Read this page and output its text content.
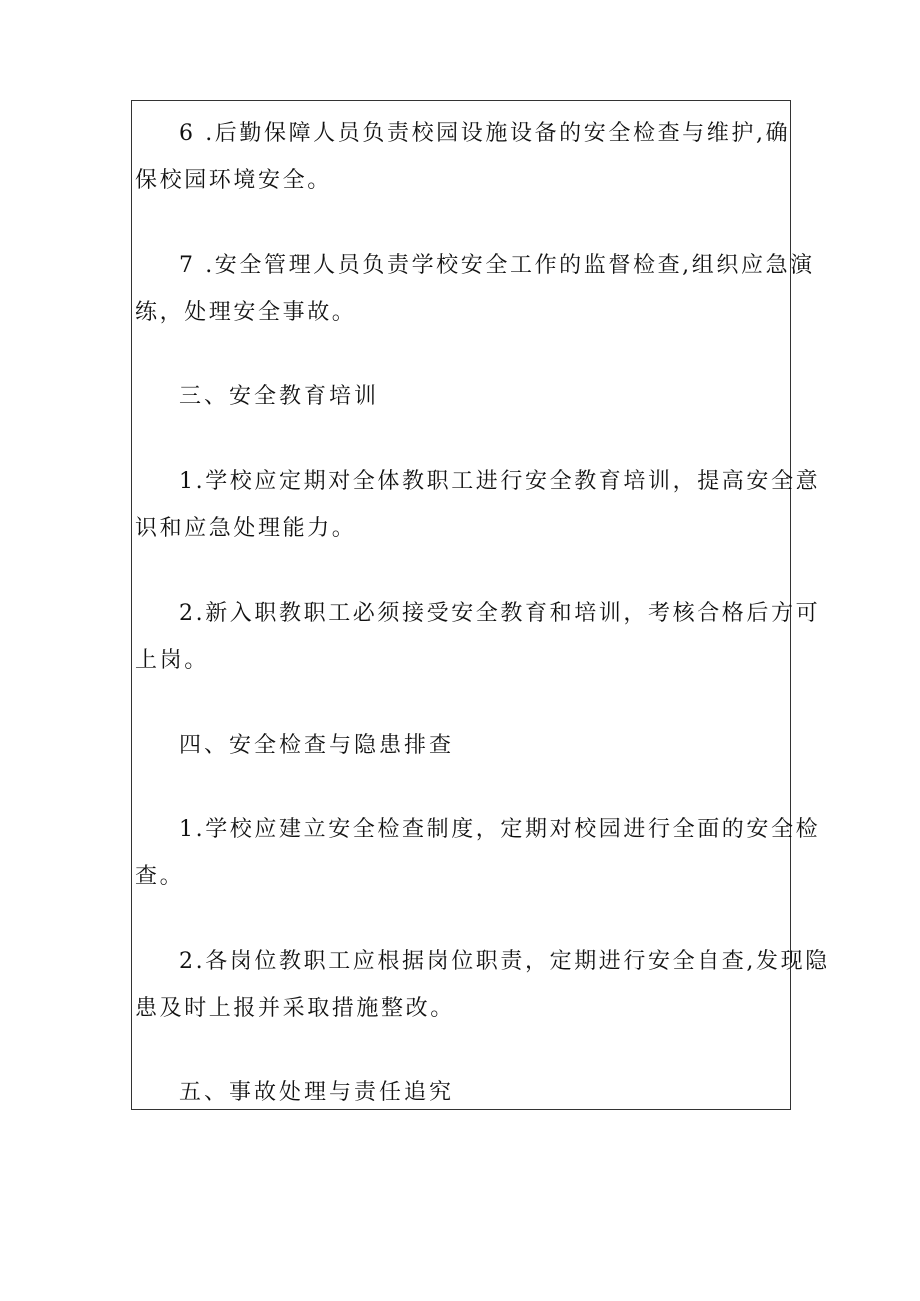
6 .后勤保障人员负责校园设施设备的安全检查与维护,确

保校园环境安全。

7 .安全管理人员负责学校安全工作的监督检查,组织应急演

练，处理安全事故。

三、安全教育培训

1.学校应定期对全体教职工进行安全教育培训，提高安全意

识和应急处理能力。

2.新入职教职工必须接受安全教育和培训，考核合格后方可

上岗。

四、安全检查与隐患排查

1.学校应建立安全检查制度，定期对校园进行全面的安全检

查。

2.各岗位教职工应根据岗位职责，定期进行安全自查,发现隐

患及时上报并采取措施整改。

五、事故处理与责任追究
